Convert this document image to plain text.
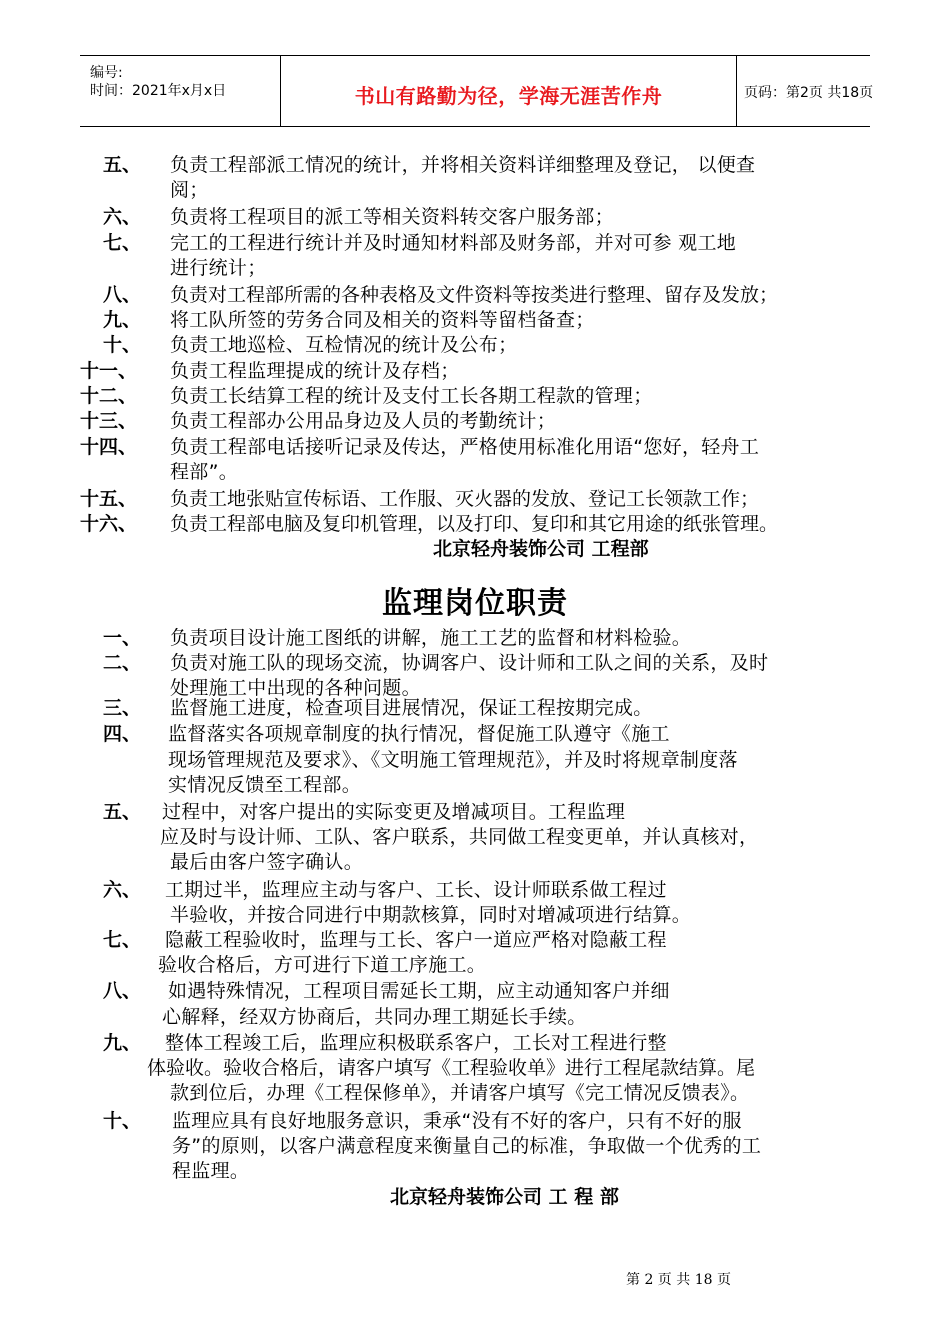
编号:
时间：2021年x月x日	书山有路勤为径，学海无涯苦作舟	页码：第2页 共18页
五、 负责工程部派工情况的统计，并将相关资料详细整理及登记， 以便查
阅；
六、 负责将工程项目的派工等相关资料转交客户服务部；
七、 完工的工程进行统计并及时通知材料部及财务部，并对可参 观工地
进行统计；
八、 负责对工程部所需的各种表格及文件资料等按类进行整理、留存及发放；
九、 将工队所签的劳务合同及相关的资料等留档备查；
十、 负责工地巡检、互检情况的统计及公布；
十一、 负责工程监理提成的统计及存档；
十二、 负责工长结算工程的统计及支付工长各期工程款的管理；
十三、 负责工程部办公用品身边及人员的考勤统计；
十四、 负责工程部电话接听记录及传达，严格使用标准化用语“您好，轻舟工
程部”。
十五、 负责工地张贴宣传标语、工作服、灭火器的发放、登记工长领款工作；
十六、 负责工程部电脑及复印机管理，以及打印、复印和其它用途的纸张管理。
北京轻舟装饰公司 工程部
监理岗位职责
一、 负责项目设计施工图纸的讲解，施工工艺的监督和材料检验。
二、 负责对施工队的现场交流，协调客户、设计师和工队之间的关系，及时
处理施工中出现的各种问题。
三、 监督施工进度，检查项目进展情况，保证工程按期完成。
四、 监督落实各项规章制度的执行情况，督促施工队遵守《施工
现场管理规范及要求》、《文明施工管理规范》，并及时将规章制度落
实情况反馈至工程部。
五、 过程中，对客户提出的实际变更及增减项目。工程监理
应及时与设计师、工队、客户联系，共同做工程变更单，并认真核对，
最后由客户签字确认。
六、 工期过半，监理应主动与客户、工长、设计师联系做工程过
半验收，并按合同进行中期款核算，同时对增减项进行结算。
七、 隐蔽工程验收时，监理与工长、客户一道应严格对隐蔽工程
验收合格后，方可进行下道工序施工。
八、 如遇特殊情况，工程项目需延长工期，应主动通知客户并细
心解释，经双方协商后，共同办理工期延长手续。
九、 整体工程竣工后，监理应积极联系客户，工长对工程进行整
体验收。验收合格后，请客户填写《工程验收单》进行工程尾款结算。尾
款到位后，办理《工程保修单》，并请客户填写《完工情况反馈表》。
十、 监理应具有良好地服务意识，秉承“没有不好的客户，只有不好的服
务”的原则，以客户满意程度来衡量自己的标准，争取做一个优秀的工
程监理。
北京轻舟装饰公司 工 程 部
第 2 页 共 18 页
